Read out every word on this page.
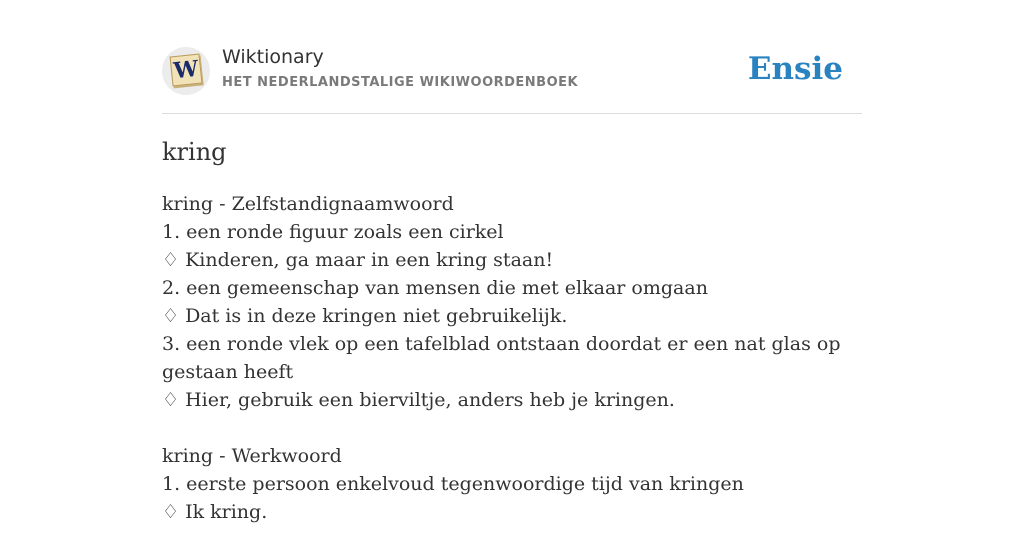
W Wiktionary
HET NEDERLANDSTALIGE WIKIWOORDENBOEK	Ensie
kring
kring - Zelfstandignaamwoord
1. een ronde figuur zoals een cirkel
♢ Kinderen, ga maar in een kring staan!
2. een gemeenschap van mensen die met elkaar omgaan
♢ Dat is in deze kringen niet gebruikelijk.
3. een ronde vlek op een tafelblad ontstaan doordat er een nat glas op gestaan heeft
♢ Hier, gebruik een bierviltje, anders heb je kringen.
kring - Werkwoord
1. eerste persoon enkelvoud tegenwoordige tijd van kringen
♢ Ik kring.
